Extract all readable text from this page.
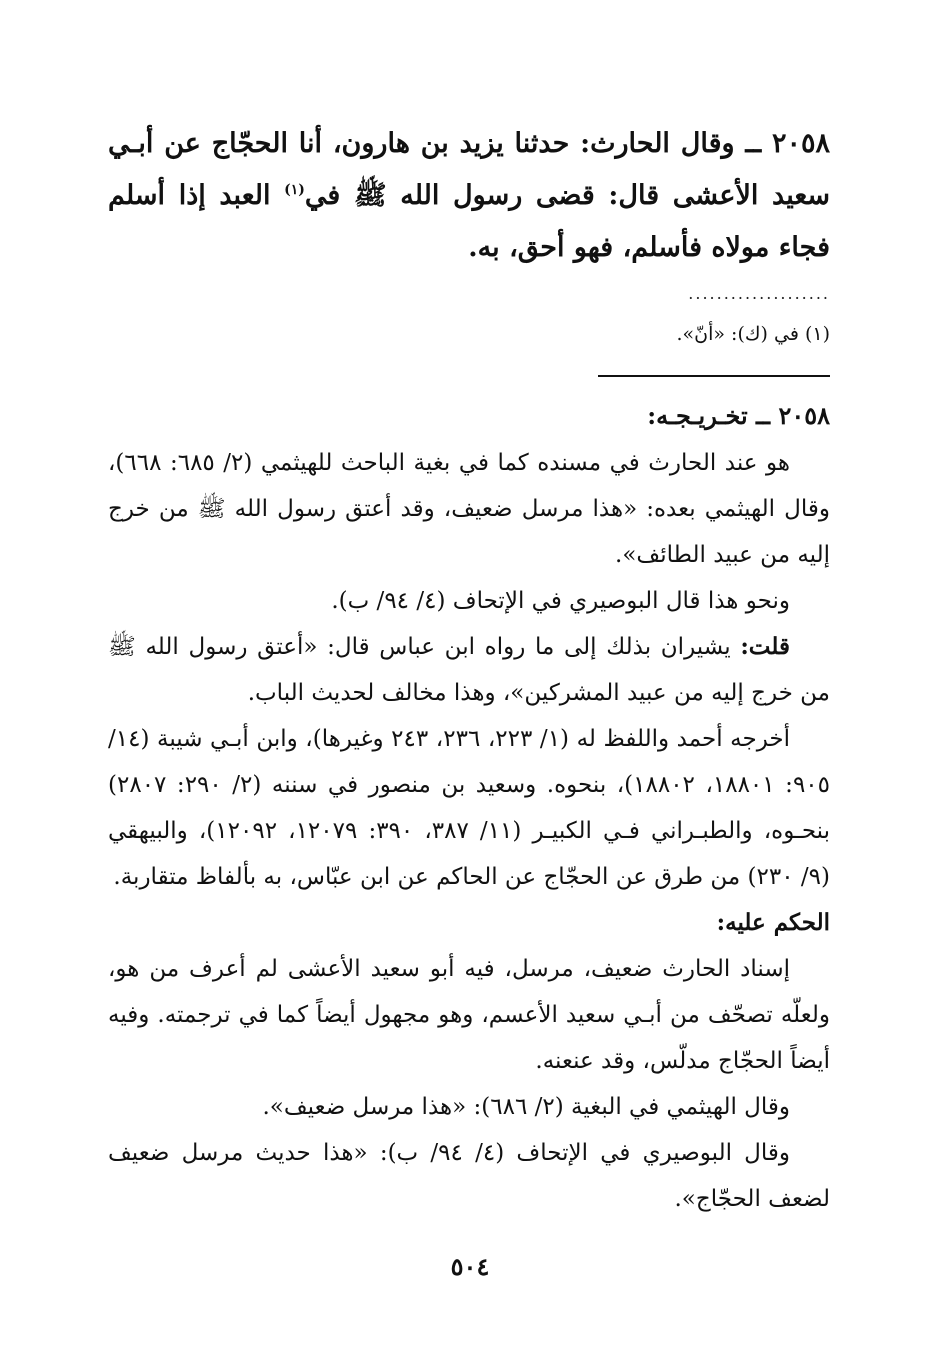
٢٠٥٨ ــ وقال الحارث: حدثنا يزيد بن هارون، أنا الحجّاج عن أبـي سعيد الأعشى قال: قضى رسول الله ﷺ في$^{(١)}$ العبد إذا أسلم فجاء مولاه فأسلم، فهو أحق، به.
....................
(١) في (ك): «أنّ».
٢٠٥٨ ــ تخـريـجـه:

هو عند الحارث في مسنده كما في بغية الباحث للهيثمي (٢/ ٦٨٥: ٦٦٨)، وقال الهيثمي بعده: «هذا مرسل ضعيف، وقد أعتق رسول الله ﷺ من خرج إليه من عبيد الطائف».

ونحو هذا قال البوصيري في الإتحاف (٤/ ٩٤/ ب).

قلت: يشيران بذلك إلى ما رواه ابن عباس قال: «أعتق رسول الله ﷺ من خرج إليه من عبيد المشركين»، وهذا مخالف لحديث الباب.

أخرجه أحمد واللفظ له (١/ ٢٢٣، ٢٣٦، ٢٤٣ وغيرها)، وابن أبـي شيبة (١٤/ ٩٠٥: ١٨٨٠١، ١٨٨٠٢)، بنحوه. وسعيد بن منصور في سننه (٢/ ٢٩٠: ٢٨٠٧) بنحـوه، والطبـراني فـي الكبيـر (١١/ ٣٨٧، ٣٩٠: ١٢٠٧٩، ١٢٠٩٢)، والبيهقي (٩/ ٢٣٠) من طرق عن الحجّاج عن الحاكم عن ابن عبّاس، به بألفاظ متقاربة.

الحكم عليه:

إسناد الحارث ضعيف، مرسل، فيه أبو سعيد الأعشى لم أعرف من هو، ولعلّه تصحّف من أبـي سعيد الأعسم، وهو مجهول أيضاً كما في ترجمته. وفيه أيضاً الحجّاج مدلّس، وقد عنعنه.

وقال الهيثمي في البغية (٢/ ٦٨٦): «هذا مرسل ضعيف».

وقال البوصيري في الإتحاف (٤/ ٩٤/ ب): «هذا حديث مرسل ضعيف لضعف الحجّاج».

٥٠٤
